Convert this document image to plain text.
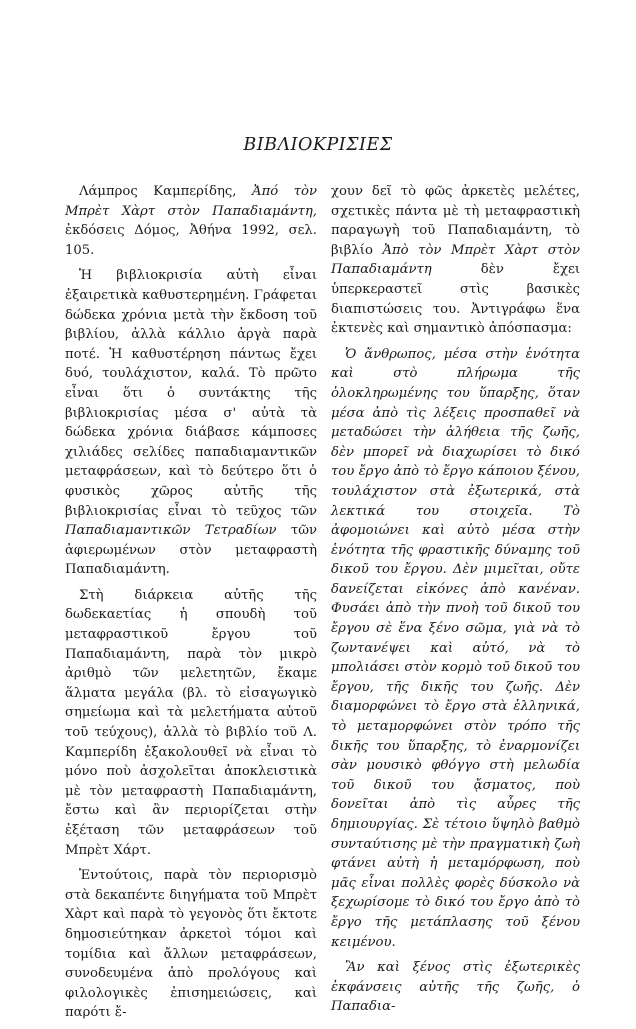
ΒΙΒΛΙΟΚΡΙΣΙΕΣ

Λάμπρος Καμπερίδης, Ἀπό τὸν Μπρὲτ Χὰρτ στὸν Παπαδιαμάντη, ἐκδόσεις Δόμος, Ἀθήνα 1992, σελ. 105.

Ἡ βιβλιοκρισία αὐτὴ εἶναι ἐξαιρετικὰ καθυστερημένη. Γράφεται δώδεκα χρόνια μετὰ τὴν ἔκδοση τοῦ βιβλίου, ἀλλὰ κάλλιο ἀργὰ παρὰ ποτέ. Ἡ καθυστέρηση πάντως ἔχει δυό, τουλάχιστον, καλά. Τὸ πρῶτο εἶναι ὅτι ὁ συντάκτης τῆς βιβλιοκρισίας μέσα σ' αὐτὰ τὰ δώδεκα χρόνια διάβασε κάμποσες χιλιάδες σελίδες παπαδιαμαντικῶν μεταφράσεων, καὶ τὸ δεύτερο ὅτι ὁ φυσικὸς χῶρος αὐτῆς τῆς βιβλιοκρισίας εἶναι τὸ τεῦχος τῶν Παπαδιαμαντικῶν Τετραδίων τῶν ἀφιερωμένων στὸν μεταφραστὴ Παπαδιαμάντη.

Στὴ διάρκεια αὐτῆς τῆς δωδεκαετίας ἡ σπουδὴ τοῦ μεταφραστικοῦ ἔργου τοῦ Παπαδιαμάντη, παρὰ τὸν μικρὸ ἀριθμὸ τῶν μελετητῶν, ἔκαμε ἅλματα μεγάλα (βλ. τὸ εἰσαγωγικὸ σημείωμα καὶ τὰ μελετήματα αὐτοῦ τοῦ τεύχους), ἀλλὰ τὸ βιβλίο τοῦ Λ. Καμπερίδη ἐξακολουθεῖ νὰ εἶναι τὸ μόνο ποὺ ἀσχολεῖται ἀποκλειστικὰ μὲ τὸν μεταφραστὴ Παπαδιαμάντη, ἔστω καὶ ἂν περιορίζεται στὴν ἐξέταση τῶν μεταφράσεων τοῦ Μπρὲτ Χάρτ.

Ἐντούτοις, παρὰ τὸν περιορισμὸ στὰ δεκαπέντε διηγήματα τοῦ Μπρὲτ Χὰρτ καὶ παρὰ τὸ γεγονὸς ὅτι ἔκτοτε δημοσιεύτηκαν ἀρκετοὶ τόμοι καὶ τομίδια καὶ ἄλλων μεταφράσεων, συνοδευμένα ἀπὸ προλόγους καὶ φιλολογικὲς ἐπισημειώσεις, καὶ παρότι ἔ-

χουν δεῖ τὸ φῶς ἀρκετὲς μελέτες, σχετικὲς πάντα μὲ τὴ μεταφραστικὴ παραγωγὴ τοῦ Παπαδιαμάντη, τὸ βιβλίο Ἀπὸ τὸν Μπρὲτ Χὰρτ στὸν Παπαδιαμάντη	δὲν ἔχει ὑπερκεραστεῖ στὶς βασικὲς διαπιστώσεις του. Ἀντιγράφω ἕνα ἐκτενὲς καὶ σημαντικὸ ἀπόσπασμα:

Ὁ ἄνθρωπος, μέσα στὴν ἑνότητα καὶ στὸ πλήρωμα τῆς ὁλοκληρωμένης του ὕπαρξης, ὅταν μέσα ἀπὸ τὶς λέξεις προσπαθεῖ νὰ μεταδώσει τὴν ἀλήθεια τῆς ζωῆς, δὲν μπορεῖ νὰ διαχωρίσει τὸ δικό του ἔργο ἀπὸ τὸ ἔργο κάποιου ξένου, τουλάχιστον στὰ ἐξωτερικά, στὰ λεκτικά του στοιχεῖα. Τὸ ἀφομοιώνει καὶ αὐτὸ μέσα στὴν ἑνότητα τῆς φραστικῆς δύναμης τοῦ δικοῦ του ἔργου. Δὲν μιμεῖται, οὔτε δανείζεται εἰκόνες ἀπὸ κανέναν. Φυσάει ἀπὸ τὴν πνοὴ τοῦ δικοῦ του ἔργου σὲ ἕνα ξένο σῶμα, γιὰ νὰ τὸ ζωντανέψει καὶ αὐτό, νὰ τὸ μπολιάσει στὸν κορμὸ τοῦ δικοῦ του ἔργου, τῆς δικῆς του ζωῆς. Δὲν διαμορφώνει τὸ ἔργο στὰ ἑλληνικά, τὸ μεταμορφώνει στὸν τρόπο τῆς δικῆς του ὕπαρξης, τὸ ἐναρμονίζει σὰν μουσικὸ φθόγγο στὴ μελωδία τοῦ δικοῦ του ᾄσματος, ποὺ δονεῖται ἀπὸ τὶς αὖρες τῆς δημιουργίας. Σὲ τέτοιο ὕψηλὸ βαθμὸ συνταύτισης μὲ τὴν πραγματικὴ ζωὴ φτάνει αὐτὴ ἡ μεταμόρφωση, ποὺ μᾶς εἶναι πολλὲς φορὲς δύσκολο νὰ ξεχωρίσομε τὸ δικό του ἔργο ἀπὸ τὸ ἔργο τῆς μετάπλασης τοῦ ξένου κειμένου.

Ἂν καὶ ξένος στὶς ἐξωτερικὲς ἐκφάνσεις αὐτῆς τῆς ζωῆς, ὁ Παπαδια-
